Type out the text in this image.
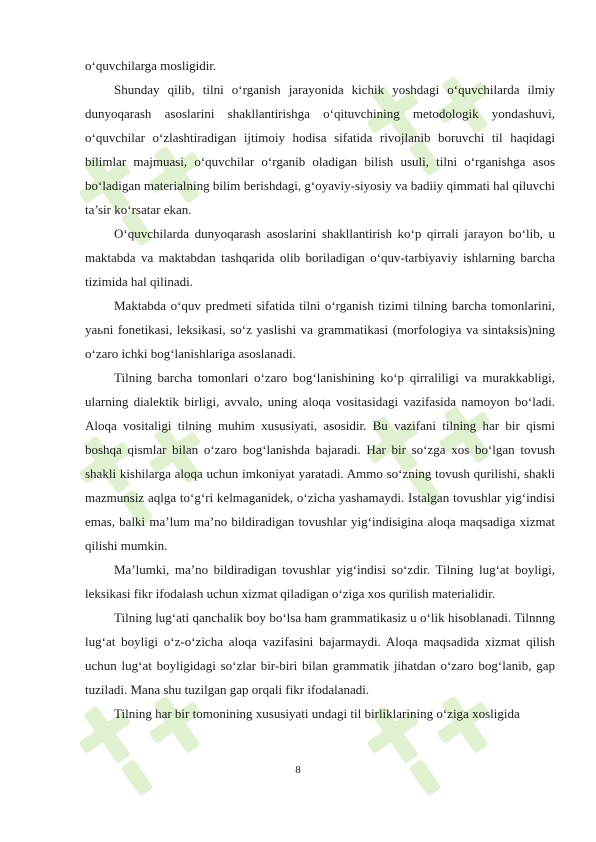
o‘quvchilarga mosligidir.

Shunday qilib, tilni o‘rganish jarayonida kichik yoshdagi o‘quvchilarda ilmiy dunyoqarash asoslarini shakllantirishga o‘qituvchining metodologik yondashuvi, o‘quvchilar o‘zlashtiradigan ijtimoiy hodisa sifatida rivojlanib boruvchi til haqidagi bilimlar majmuasi, o‘quvchilar o‘rganib oladigan bilish usuli, tilni o‘rganishga asos bo‘ladigan materialning bilim berishdagi, g‘oyaviy-siyosiy va badiiy qimmati hal qiluvchi ta’sir ko‘rsatar ekan.

O‘quvchilarda dunyoqarash asoslarini shakllantirish ko‘p qirrali jarayon bo‘lib, u maktabda va maktabdan tashqarida olib boriladigan o‘quv-tarbiyaviy ishlarning barcha tizimida hal qilinadi.

Maktabda o‘quv predmeti sifatida tilni o‘rganish tizimi tilning barcha tomonlarini, yaьni fonetikasi, leksikasi, so‘z yaslishi va grammatikasi (morfologiya va sintaksis)ning o‘zaro ichki bog‘lanishlariga asoslanadi.

Tilning barcha tomonlari o‘zaro bog‘lanishining ko‘p qirraliligi va murakkabligi, ularning dialektik birligi, avvalo, uning aloqa vositasidagi vazifasida namoyon bo‘ladi. Aloqa vositaligi tilning muhim xususiyati, asosidir. Bu vazifani tilning har bir qismi boshqa qismlar bilan o‘zaro bog‘lanishda bajaradi. Har bir so‘zga xos bo‘lgan tovush shakli kishilarga aloqa uchun imkoniyat yaratadi. Ammo so‘zning tovush qurilishi, shakli mazmunsiz aqlga to‘g‘ri kelmaganidek, o‘zicha yashamaydi. Istalgan tovushlar yig‘indisi emas, balki ma’lum ma’no bildiradigan tovushlar yig‘indisigina aloqa maqsadiga xizmat qilishi mumkin.

Ma’lumki, ma’no bildiradigan tovushlar yig‘indisi so‘zdir. Tilning lug‘at boyligi, leksikasi fikr ifodalash uchun xizmat qiladigan o‘ziga xos qurilish materialidir.

Tilning lug‘ati qanchalik boy bo‘lsa ham grammatikasiz u o‘lik hisoblanadi. Tilnnng lug‘at boyligi o‘z-o‘zicha aloqa vazifasini bajarmaydi. Aloqa maqsadida xizmat qilish uchun lug‘at boyligidagi so‘zlar bir-biri bilan grammatik jihatdan o‘zaro bog‘lanib, gap tuziladi. Mana shu tuzilgan gap orqali fikr ifodalanadi.

Tilning har bir tomonining xususiyati undagi til birliklarining o‘ziga xosligida

8
